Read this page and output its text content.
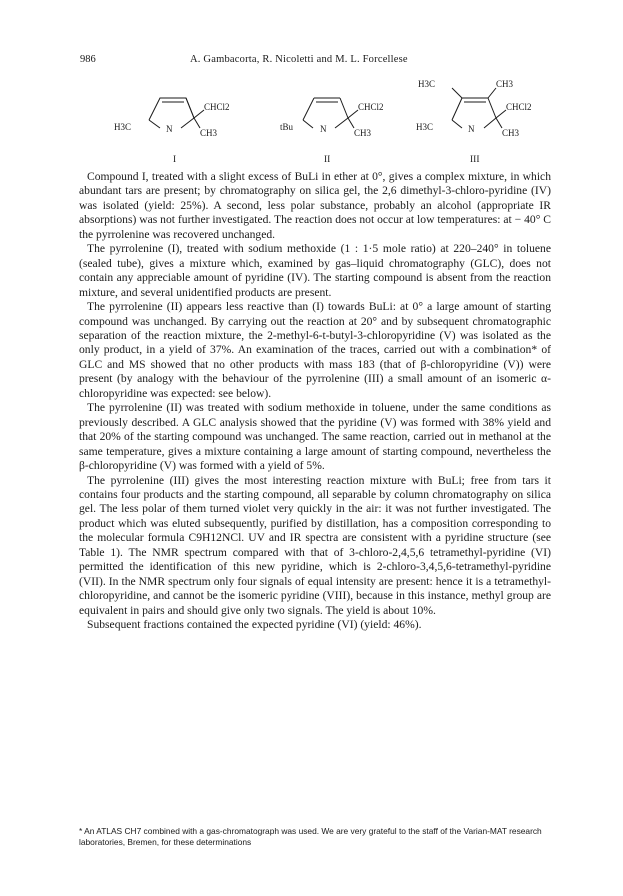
986	A. Gambacorta, R. Nicoletti and M. L. Forcellese
H3C	N
CHCl2
CH3
I
tBu	N
CHCl2
CH3
II
H3C	CH3
H3C	N
CHCl2
CH3
III

Compound I, treated with a slight excess of BuLi in ether at 0°, gives a complex mixture, in which abundant tars are present; by chromatography on silica gel, the 2,6 dimethyl-3-chloro-pyridine (IV) was isolated (yield: 25%). A second, less polar substance, probably an alcohol (appropriate IR absorptions) was not further investigated. The reaction does not occur at low temperatures: at − 40° C the pyrrolenine was recovered unchanged.

The pyrrolenine (I), treated with sodium methoxide (1 : 1·5 mole ratio) at 220–240° in toluene (sealed tube), gives a mixture which, examined by gas–liquid chromatography (GLC), does not contain any appreciable amount of pyridine (IV). The starting compound is absent from the reaction mixture, and several unidentified products are present.

The pyrrolenine (II) appears less reactive than (I) towards BuLi: at 0° a large amount of starting compound was unchanged. By carrying out the reaction at 20° and by subsequent chromatographic separation of the reaction mixture, the 2-methyl-6-t-butyl-3-chloropyridine (V) was isolated as the only product, in a yield of 37%. An examination of the traces, carried out with a combination* of GLC and MS showed that no other products with mass 183 (that of β-chloropyridine (V)) were present (by analogy with the behaviour of the pyrrolenine (III) a small amount of an isomeric α-chloropyridine was expected: see below).

The pyrrolenine (II) was treated with sodium methoxide in toluene, under the same conditions as previously described. A GLC analysis showed that the pyridine (V) was formed with 38% yield and that 20% of the starting compound was unchanged. The same reaction, carried out in methanol at the same temperature, gives a mixture containing a large amount of starting compound, nevertheless the β-chloropyridine (V) was formed with a yield of 5%.

The pyrrolenine (III) gives the most interesting reaction mixture with BuLi; free from tars it contains four products and the starting compound, all separable by column chromatography on silica gel. The less polar of them turned violet very quickly in the air: it was not further investigated. The product which was eluted subsequently, purified by distillation, has a composition corresponding to the molecular formula C9H12NCl. UV and IR spectra are consistent with a pyridine structure (see Table 1). The NMR spectrum compared with that of 3-chloro-2,4,5,6 tetramethyl-pyridine (VI) permitted the identification of this new pyridine, which is 2-chloro-3,4,5,6-tetramethyl-pyridine (VII). In the NMR spectrum only four signals of equal intensity are present: hence it is a tetramethyl-chloropyridine, and cannot be the isomeric pyridine (VIII), because in this instance, methyl group are equivalent in pairs and should give only two signals. The yield is about 10%.

Subsequent fractions contained the expected pyridine (VI) (yield: 46%).

* An ATLAS CH7 combined with a gas-chromatograph was used. We are very grateful to the staff of the Varian-MAT research laboratories, Bremen, for these determinations
